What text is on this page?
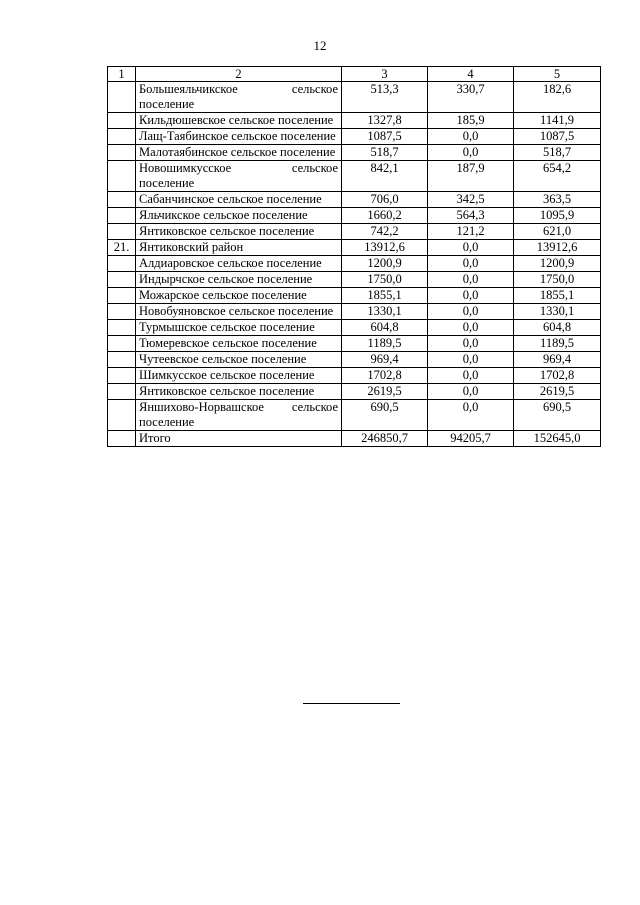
12
1	2	3	4	5
	Большеяльчикское сельское поселение	513,3	330,7	182,6
	Кильдюшевское сельское поселение	1327,8	185,9	1141,9
	Лащ-Таябинское сельское поселение	1087,5	0,0	1087,5
	Малотаябинское сельское поселение	518,7	0,0	518,7
	Новошимкусское сельское поселение	842,1	187,9	654,2
	Сабанчинское сельское поселение	706,0	342,5	363,5
	Яльчикское сельское поселение	1660,2	564,3	1095,9
	Янтиковское сельское поселение	742,2	121,2	621,0
21.	Янтиковский район	13912,6	0,0	13912,6
	Алдиаровское сельское поселение	1200,9	0,0	1200,9
	Индырчское сельское поселение	1750,0	0,0	1750,0
	Можарское сельское поселение	1855,1	0,0	1855,1
	Новобуяновское сельское поселение	1330,1	0,0	1330,1
	Турмышское сельское поселение	604,8	0,0	604,8
	Тюмеревское сельское поселение	1189,5	0,0	1189,5
	Чутеевское сельское поселение	969,4	0,0	969,4
	Шимкусское сельское поселение	1702,8	0,0	1702,8
	Янтиковское сельское поселение	2619,5	0,0	2619,5
	Яншихово-Норвашское сельское поселение	690,5	0,0	690,5
	Итого	246850,7	94205,7	152645,0
